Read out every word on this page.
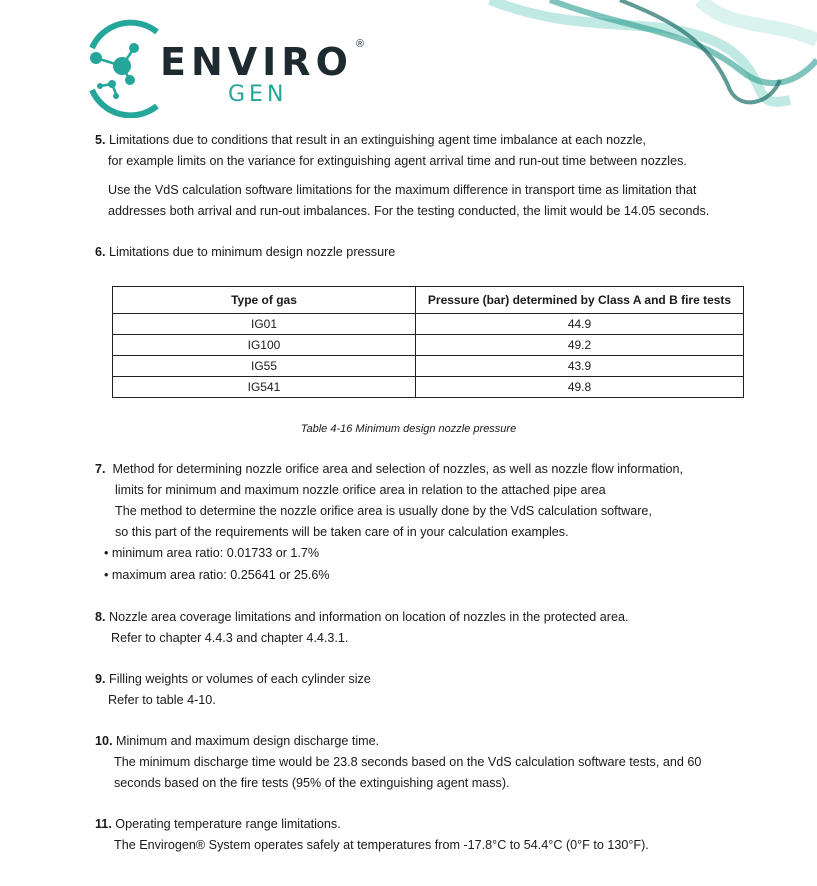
ENVIRO ®
GEN
5. Limitations due to conditions that result in an extinguishing agent time imbalance at each nozzle,
for example limits on the variance for extinguishing agent arrival time and run-out time between nozzles.
Use the VdS calculation software limitations for the maximum difference in transport time as limitation that
addresses both arrival and run-out imbalances. For the testing conducted, the limit would be 14.05 seconds.
6. Limitations due to minimum design nozzle pressure
Type of gas	Pressure (bar) determined by Class A and B fire tests
IG01	44.9
IG100	49.2
IG55	43.9
IG541	49.8
Table 4-16 Minimum design nozzle pressure
7.  Method for determining nozzle orifice area and selection of nozzles, as well as nozzle flow information,
limits for minimum and maximum nozzle orifice area in relation to the attached pipe area
The method to determine the nozzle orifice area is usually done by the VdS calculation software,
so this part of the requirements will be taken care of in your calculation examples.
• minimum area ratio: 0.01733 or 1.7%
• maximum area ratio: 0.25641 or 25.6%
8. Nozzle area coverage limitations and information on location of nozzles in the protected area.
Refer to chapter 4.4.3 and chapter 4.4.3.1.
9. Filling weights or volumes of each cylinder size
Refer to table 4-10.
10. Minimum and maximum design discharge time.
The minimum discharge time would be 23.8 seconds based on the VdS calculation software tests, and 60
seconds based on the fire tests (95% of the extinguishing agent mass).
11. Operating temperature range limitations.
The Envirogen® System operates safely at temperatures from -17.8°C to 54.4°C (0°F to 130°F).
